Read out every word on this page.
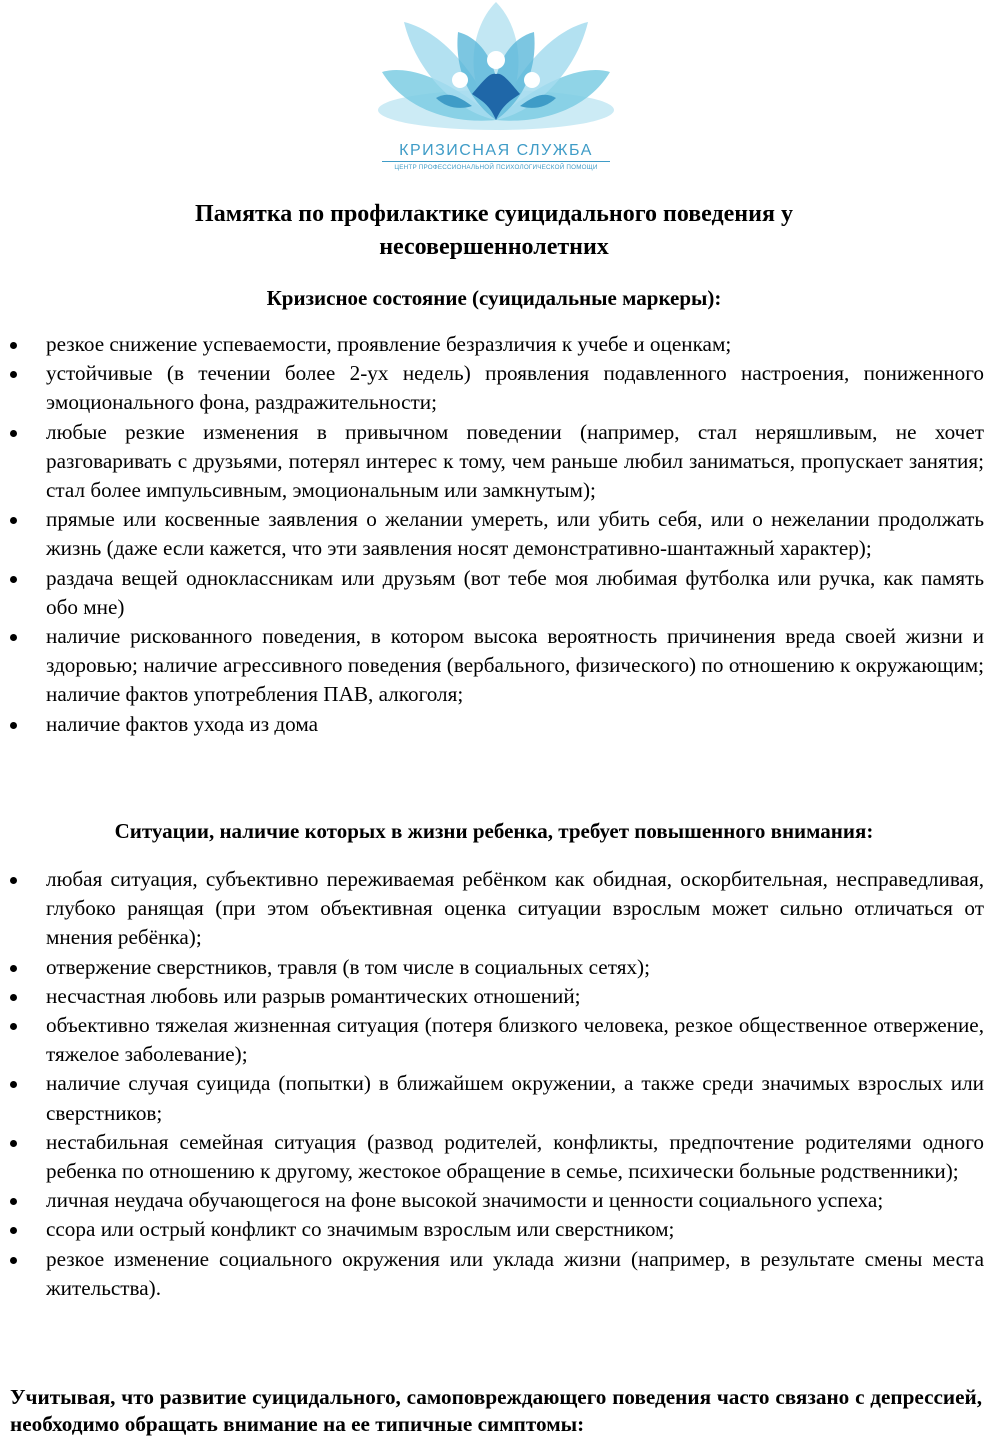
КРИЗИСНАЯ СЛУЖБА
ЦЕНТР ПРОФЕССИОНАЛЬНОЙ ПСИХОЛОГИЧЕСКОЙ ПОМОЩИ
Памятка по профилактике суицидального поведения у
несовершеннолетних
Кризисное состояние (суицидальные маркеры):
резкое снижение успеваемости, проявление безразличия к учебе и оценкам;
устойчивые (в течении более 2-ух недель) проявления подавленного настроения, пониженного эмоционального фона, раздражительности;
любые резкие изменения в привычном поведении (например, стал неряшливым, не хочет разговаривать с друзьями, потерял интерес к тому, чем раньше любил заниматься, пропускает занятия; стал более импульсивным, эмоциональным или замкнутым);
прямые или косвенные заявления о желании умереть, или убить себя, или о нежелании продолжать жизнь (даже если кажется, что эти заявления носят демонстративно-шантажный характер);
раздача вещей одноклассникам или друзьям (вот тебе моя любимая футболка или ручка, как память обо мне)
наличие рискованного поведения, в котором высока вероятность причинения вреда своей жизни и здоровью; наличие агрессивного поведения (вербального, физического) по отношению к окружающим; наличие фактов употребления ПАВ, алкоголя;
наличие фактов ухода из дома
Ситуации, наличие которых в жизни ребенка, требует повышенного внимания:
любая ситуация, субъективно переживаемая ребёнком как обидная, оскорбительная, несправедливая, глубоко ранящая (при этом объективная оценка ситуации взрослым может сильно отличаться от мнения ребёнка);
отвержение сверстников, травля (в том числе в социальных сетях);
несчастная любовь или разрыв романтических отношений;
объективно тяжелая жизненная ситуация (потеря близкого человека, резкое общественное отвержение, тяжелое заболевание);
наличие случая суицида (попытки) в ближайшем окружении, а также среди значимых взрослых или сверстников;
нестабильная семейная ситуация (развод родителей, конфликты, предпочтение родителями одного ребенка по отношению к другому, жестокое обращение в семье, психически больные родственники);
личная неудача обучающегося на фоне высокой значимости и ценности социального успеха;
ссора или острый конфликт со значимым взрослым или сверстником;
резкое изменение социального окружения или уклада жизни (например, в результате смены места жительства).

Учитывая, что развитие суицидального, самоповреждающего поведения часто связано с депрессией, необходимо обращать внимание на ее типичные симптомы:
